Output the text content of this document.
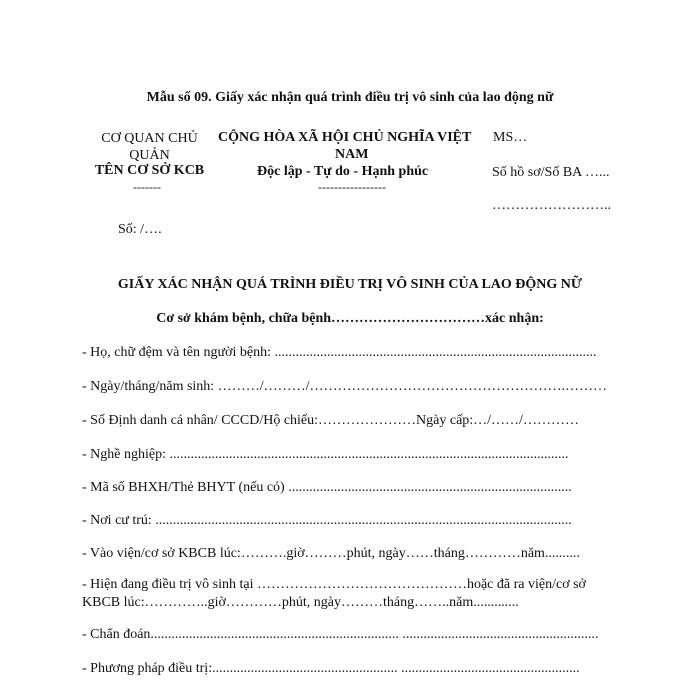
Mẫu số 09. Giấy xác nhận quá trình điều trị vô sinh của lao động nữ
CƠ QUAN CHỦ QUẢN
TÊN CƠ SỞ KCB
-------
CỘNG HÒA XÃ HỘI CHỦ NGHĨA VIỆT
NAM
Độc lập - Tự do - Hạnh phúc
-----------------
MS…
Số hồ sơ/Số BA …...
……………………..
Số: /….
GIẤY XÁC NHẬN QUÁ TRÌNH ĐIỀU TRỊ VÔ SINH CỦA LAO ĐỘNG NỮ
Cơ sở khám bệnh, chữa bệnh……………………………xác nhận:
- Họ, chữ đệm và tên người bệnh: ............................................................................................
- Ngày/tháng/năm sinh: ………/………/……………………………………………….………
- Số Định danh cá nhân/ CCCD/Hộ chiếu:…………………Ngày cấp:…/……/…………
- Nghề nghiệp: ..................................................................................................................
- Mã số BHXH/Thẻ BHYT (nếu có) .................................................................................
- Nơi cư trú: .......................................................................................................................
- Vào viện/cơ sở KBCB lúc:……….giờ………phút, ngày……tháng…………năm..........
- Hiện đang điều trị vô sinh tại ………………………………………hoặc đã ra viện/cơ sở KBCB lúc:…………..giờ…………phút, ngày………tháng……..năm.............
- Chẩn đoán....................................................................... ........................................................
- Phương pháp điều trị:..................................................... ...................................................
